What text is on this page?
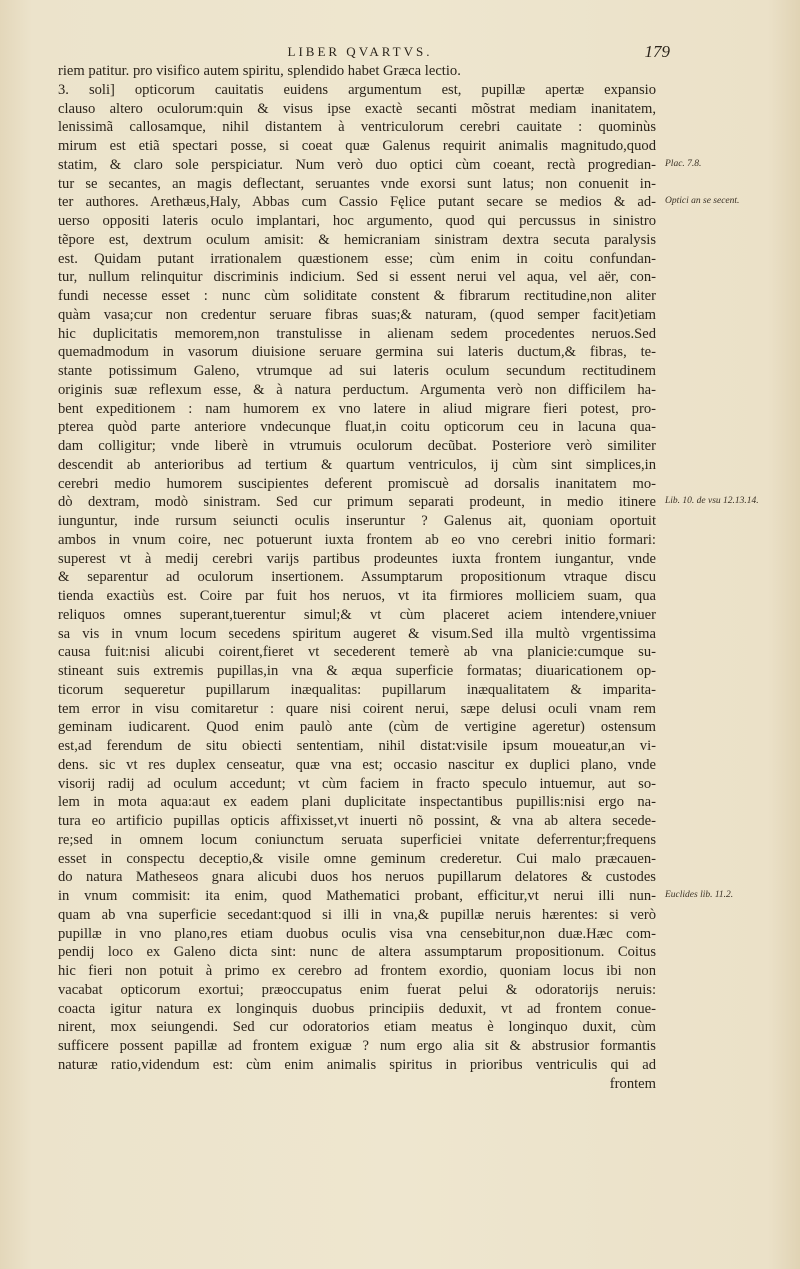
LIBER QVARTVS.	179
riem patitur. pro visifico autem spiritu, splendido habet Græca lectio.
3. soli] opticorum cauitatis euidens argumentum est, pupillæ apertæ expansio
clauso altero oculorum:quin & visus ipse exactè secanti mõstrat mediam inanitatem,
lenissimã callosamque, nihil distantem à ventriculorum cerebri cauitate : quominùs
mirum est etiã spectari posse, si coeat quæ Galenus requirit animalis magnitudo,quod
statim, & claro sole perspiciatur. Num verò duo optici cùm coeant, rectà progredian-
tur se secantes, an magis deflectant, seruantes vnde exorsi sunt latus; non conuenit in-
ter authores. Arethæus,Haly, Abbas cum Cassio Fęlice putant secare se medios & ad-
uerso oppositi lateris oculo implantari, hoc argumento, quod qui percussus in sinistro
tẽpore est, dextrum oculum amisit: & hemicraniam sinistram dextra secuta paralysis
est. Quidam putant irrationalem quæstionem esse; cùm enim in coitu confundan-
tur, nullum relinquitur discriminis indicium. Sed si essent nerui vel aqua, vel aër, con-
fundi necesse esset : nunc cùm soliditate constent & fibrarum rectitudine,non aliter
quàm vasa;cur non credentur seruare fibras suas;& naturam, (quod semper facit)etiam
hic duplicitatis memorem,non transtulisse in alienam sedem procedentes neruos.Sed
quemadmodum in vasorum diuisione seruare germina sui lateris ductum,& fibras, te-
stante potissimum Galeno, vtrumque ad sui lateris oculum secundum rectitudinem
originis suæ reflexum esse, & à natura perductum. Argumenta verò non difficilem ha-
bent expeditionem : nam humorem ex vno latere in aliud migrare fieri potest, pro-
pterea quòd parte anteriore vndecunque fluat,in coitu opticorum ceu in lacuna qua-
dam colligitur; vnde liberè in vtrumuis oculorum decũbat. Posteriore verò similiter
descendit ab anterioribus ad tertium & quartum ventriculos, ij cùm sint simplices,in
cerebri medio humorem suscipientes deferent promiscuè ad dorsalis inanitatem mo-
dò dextram, modò sinistram. Sed cur primum separati prodeunt, in medio itinere
iunguntur, inde rursum seiuncti oculis inseruntur ? Galenus ait, quoniam oportuit
ambos in vnum coire, nec potuerunt iuxta frontem ab eo vno cerebri initio formari:
superest vt à medij cerebri varijs partibus prodeuntes iuxta frontem iungantur, vnde
& separentur ad oculorum insertionem. Assumptarum propositionum vtraque discu
tienda exactiùs est. Coire par fuit hos neruos, vt ita firmiores molliciem suam, qua
reliquos omnes superant,tuerentur simul;& vt cùm placeret aciem intendere,vniuer
sa vis in vnum locum secedens spiritum augeret & visum.Sed illa multò vrgentissima
causa fuit:nisi alicubi coirent,fieret vt secederent temerè ab vna planicie:cumque su-
stineant suis extremis pupillas,in vna & æqua superficie formatas; diuaricationem op-
ticorum sequeretur pupillarum inæqualitas: pupillarum inæqualitatem & imparita-
tem error in visu comitaretur : quare nisi coirent nerui, sæpe delusi oculi vnam rem
geminam iudicarent. Quod enim paulò ante (cùm de vertigine ageretur) ostensum
est,ad ferendum de situ obiecti sententiam, nihil distat:visile ipsum moueatur,an vi-
dens. sic vt res duplex censeatur, quæ vna est; occasio nascitur ex duplici plano, vnde
visorij radij ad oculum accedunt; vt cùm faciem in fracto speculo intuemur, aut so-
lem in mota aqua:aut ex eadem plani duplicitate inspectantibus pupillis:nisi ergo na-
tura eo artificio pupillas opticis affixisset,vt inuerti nõ possint, & vna ab altera secede-
re;sed in omnem locum coniunctum seruata superficiei vnitate deferrentur;frequens
esset in conspectu deceptio,& visile omne geminum crederetur. Cui malo præcauen-
do natura Matheseos gnara alicubi duos hos neruos pupillarum delatores & custodes
in vnum commisit: ita enim, quod Mathematici probant, efficitur,vt nerui illi nun-
quam ab vna superficie secedant:quod si illi in vna,& pupillæ neruis hærentes: si verò
pupillæ in vno plano,res etiam duobus oculis visa vna censebitur,non duæ.Hæc com-
pendij loco ex Galeno dicta sint: nunc de altera assumptarum propositionum. Coitus
hic fieri non potuit à primo ex cerebro ad frontem exordio, quoniam locus ibi non
vacabat opticorum exortui; præoccupatus enim fuerat pelui & odoratorijs neruis:
coacta igitur natura ex longinquis duobus principiis deduxit, vt ad frontem conue-
nirent, mox seiungendi. Sed cur odoratorios etiam meatus è longinquo duxit, cùm
sufficere possent papillæ ad frontem exiguæ ? num ergo alia sit & abstrusior formantis
naturæ ratio,videndum est: cùm enim animalis spiritus in prioribus ventriculis qui ad
frontem
Plac. 7.8.
Optici an se secent.
Lib. 10. de vsu 12.13.14.
Euclides lib. 11.2.
